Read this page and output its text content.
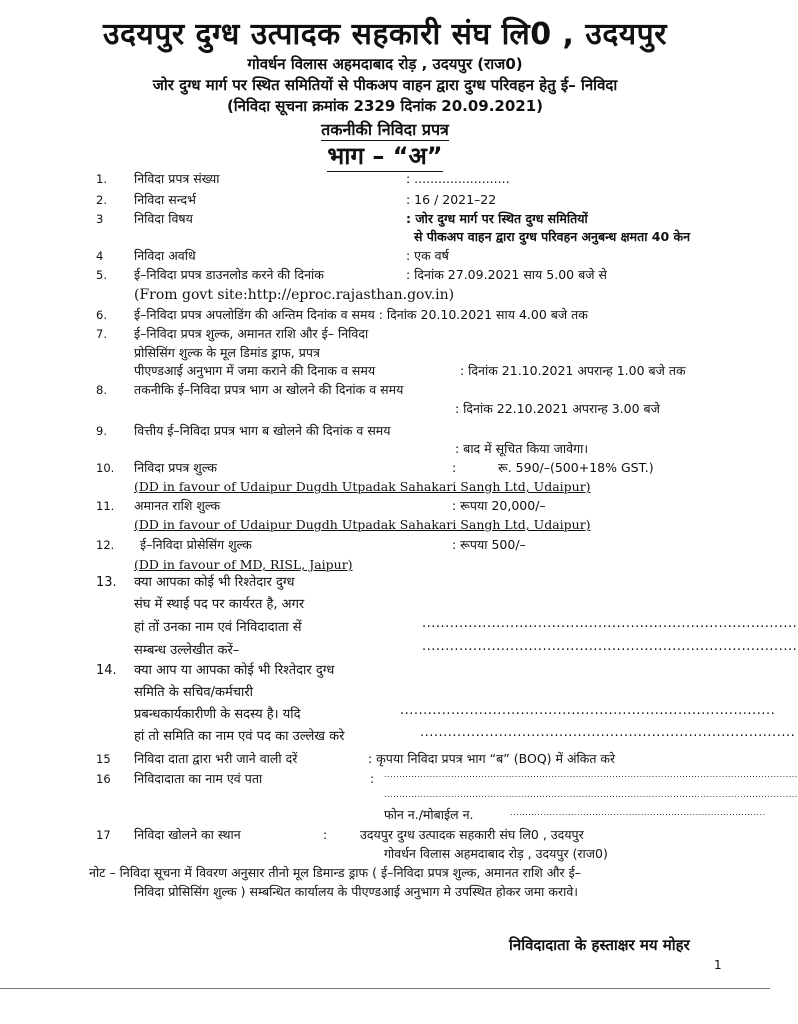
उदयपुर दुग्ध उत्पादक सहकारी संघ लि0 , उदयपुर
गोवर्धन विलास अहमदाबाद रोड़ , उदयपुर (राज0)
जोर दुग्ध मार्ग पर स्थित समितियों से पीकअप वाहन द्वारा दुग्ध परिवहन हेतु ई– निविदा
(निविदा सूचना क्रमांक 2329 दिनांक 20.09.2021)
तकनीकी निविदा प्रपत्र
भाग – “अ”
1. निविदा प्रपत्र संख्या	: ........................
2. निविदा सन्दर्भ	: 16 / 2021–22
3 निविदा विषय	: जोर दुग्ध मार्ग पर स्थित दुग्ध समितियों
से पीकअप वाहन द्वारा दुग्ध परिवहन अनुबन्ध क्षमता 40 केन
4 निविदा अवधि	: एक वर्ष
5. ई–निविदा प्रपत्र डाउनलोड करने की दिनांक	: दिनांक 27.09.2021 साय 5.00 बजे से
(From govt site:http://eproc.rajasthan.gov.in)
6. ई–निविदा प्रपत्र अपलोडिंग की अन्तिम दिनांक व समय : दिनांक 20.10.2021 साय 4.00 बजे तक
7. ई–निविदा प्रपत्र शुल्क, अमानत राशि और ई– निविदा
प्रोसिसिंग शुल्क के मूल डिमांड ड्राफ, प्रपत्र
पीएण्डआई अनुभाग में जमा कराने की दिनाक व समय	: दिनांक 21.10.2021 अपरान्ह 1.00 बजे तक
8. तकनीकि ई–निविदा प्रपत्र भाग अ खोलने की दिनांक व समय
: दिनांक 22.10.2021 अपरान्ह 3.00 बजे
9. वित्तीय ई–निविदा प्रपत्र भाग ब खोलने की दिनांक व समय
: बाद में सूचित किया जावेगा।
10. निविदा प्रपत्र शुल्क	:	रू. 590/–(500+18% GST.)
(DD in favour of Udaipur Dugdh Utpadak Sahakari Sangh Ltd, Udaipur)
11. अमानत राशि शुल्क	: रूपया 20,000/–
(DD in favour of Udaipur Dugdh Utpadak Sahakari Sangh Ltd, Udaipur)
12. ई–निविदा प्रोसेसिंग शुल्क	: रूपया 500/–
(DD in favour of MD, RISL, Jaipur)
13. क्या आपका कोई भी रिश्तेदार दुग्ध
संघ में स्थाई पद पर कार्यरत है, अगर
हां तों उनका नाम एवं निविदादाता सें	.................................................................................
सम्बन्ध उल्लेखीत करें–	.................................................................................
14. क्या आप या आपका कोई भी रिश्तेदार दुग्ध
समिति के सचिव/कर्मचारी
प्रबन्धकार्यकारीणी के सदस्य है। यदि	.................................................................................
हां तो समिति का नाम एवं पद का उल्लेख करे	.................................................................................
15 निविदा दाता द्वारा भरी जाने वाली दरें	: कृपया निविदा प्रपत्र भाग “ब” (BOQ) में अंकित करे
16 निविदादाता का नाम एवं पता	: ........................................................................................................................................
........................................................................................................................................
फोन न./मोबाईल न.	....................................................................................
17 निविदा खोलने का स्थान	:	उदयपुर दुग्ध उत्पादक सहकारी संघ लि0 , उदयपुर
गोवर्धन विलास अहमदाबाद रोड़ , उदयपुर (राज0)
नोट – निविदा सूचना में विवरण अनुसार तीनो मूल डिमान्ड ड्राफ ( ई–निविदा प्रपत्र शुल्क, अमानत राशि और ई–
निविदा प्रोसिसिंग शुल्क ) सम्बन्धित कार्यालय के पीएण्डआई अनुभाग मे उपस्थित होकर जमा करावे।
निविदादाता के हस्ताक्षर मय मोहर
1
